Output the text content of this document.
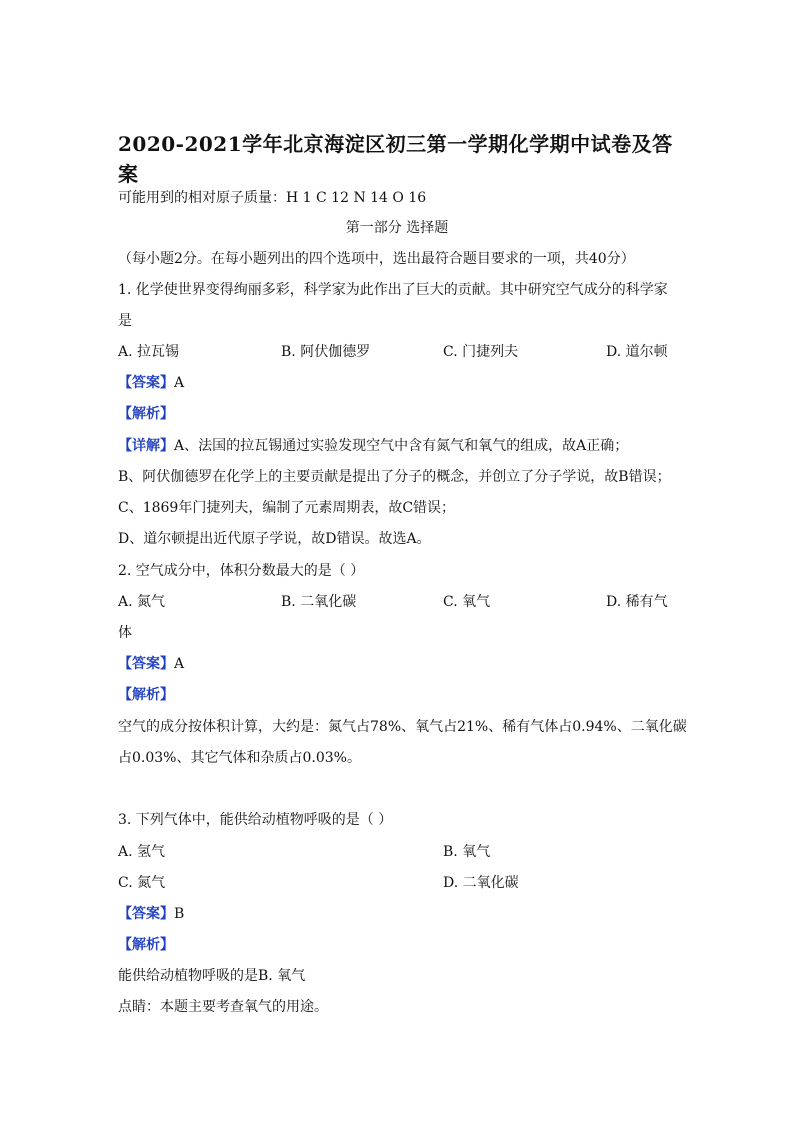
2020-2021学年北京海淀区初三第一学期化学期中试卷及答
案
可能用到的相对原子质量：H 1 C 12 N 14 O 16
第一部分 选择题
（每小题2分。在每小题列出的四个选项中，选出最符合题目要求的一项，共40分）
1. 化学使世界变得绚丽多彩，科学家为此作出了巨大的贡献。其中研究空气成分的科学家
是
A. 拉瓦锡	B. 阿伏伽德罗	C. 门捷列夫	D. 道尔顿
【答案】A
【解析】
【详解】A、法国的拉瓦锡通过实验发现空气中含有氮气和氧气的组成，故A正确；
B、阿伏伽德罗在化学上的主要贡献是提出了分子的概念，并创立了分子学说，故B错误；
C、1869年门捷列夫，编制了元素周期表，故C错误；
D、道尔顿提出近代原子学说，故D错误。故选A。
2. 空气成分中，体积分数最大的是（ ）
A. 氮气	B. 二氧化碳	C. 氧气	D. 稀有气
体
【答案】A
【解析】
空气的成分按体积计算，大约是：氮气占78%、氧气占21%、稀有气体占0.94%、二氧化碳
占0.03%、其它气体和杂质占0.03%。
3. 下列气体中，能供给动植物呼吸的是（ ）
A. 氢气	B. 氧气
C. 氮气	D. 二氧化碳
【答案】B
【解析】
能供给动植物呼吸的是B. 氧气
点睛：本题主要考查氧气的用途。
